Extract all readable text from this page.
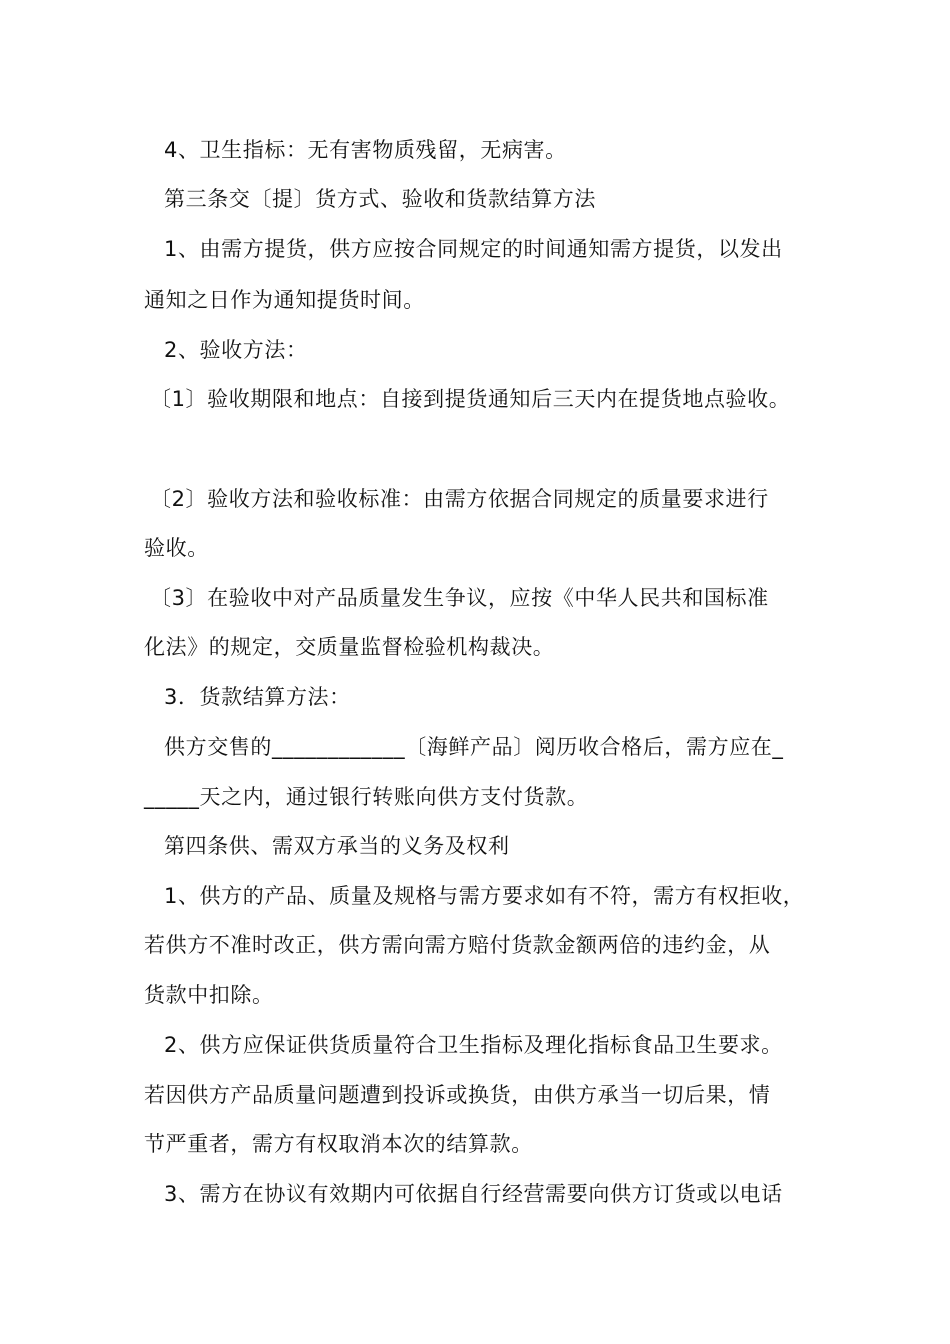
4、卫生指标：无有害物质残留，无病害。
第三条交〔提〕货方式、验收和货款结算方法
1、由需方提货，供方应按合同规定的时间通知需方提货，以发出
通知之日作为通知提货时间。
2、验收方法：
〔1〕验收期限和地点：自接到提货通知后三天内在提货地点验收。
〔2〕验收方法和验收标准：由需方依据合同规定的质量要求进行
验收。
〔3〕在验收中对产品质量发生争议，应按《中华人民共和国标准
化法》的规定，交质量监督检验机构裁决。
3．货款结算方法：
供方交售的____________〔海鲜产品〕阅历收合格后，需方应在_
_____天之内，通过银行转账向供方支付货款。
第四条供、需双方承当的义务及权利
1、供方的产品、质量及规格与需方要求如有不符，需方有权拒收，
若供方不准时改正，供方需向需方赔付货款金额两倍的违约金，从
货款中扣除。
2、供方应保证供货质量符合卫生指标及理化指标食品卫生要求。
若因供方产品质量问题遭到投诉或换货，由供方承当一切后果，情
节严重者，需方有权取消本次的结算款。
3、需方在协议有效期内可依据自行经营需要向供方订货或以电话
